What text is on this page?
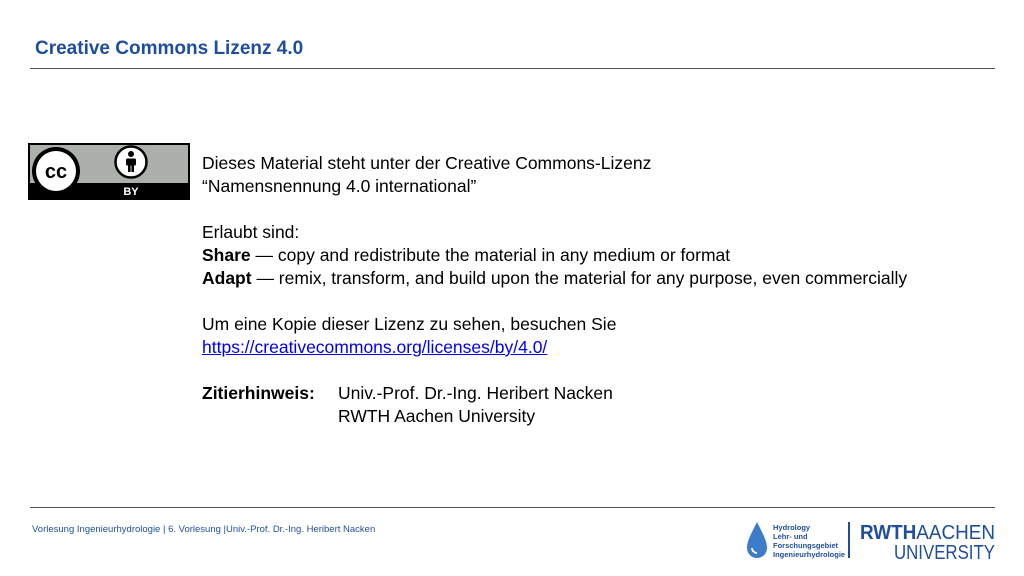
Creative Commons Lizenz 4.0
cc
BY

Dieses Material steht unter der Creative Commons-Lizenz

“Namensnennung 4.0 international”

Erlaubt sind:

Share — copy and redistribute the material in any medium or format

Adapt — remix, transform, and build upon the material for any purpose, even commercially

Um eine Kopie dieser Lizenz zu sehen, besuchen Sie

https://creativecommons.org/licenses/by/4.0/

Zitierhinweis:	Univ.-Prof. Dr.-Ing. Heribert Nacken
RWTH Aachen University
Vorlesung Ingenieurhydrologie | 6. Vorlesung |Univ.-Prof. Dr.-Ing. Heribert Nacken	Hydrology
Lehr- und
Forschungsgebiet
Ingenieurhydrologie
RWTHAACHEN
UNIVERSITY
